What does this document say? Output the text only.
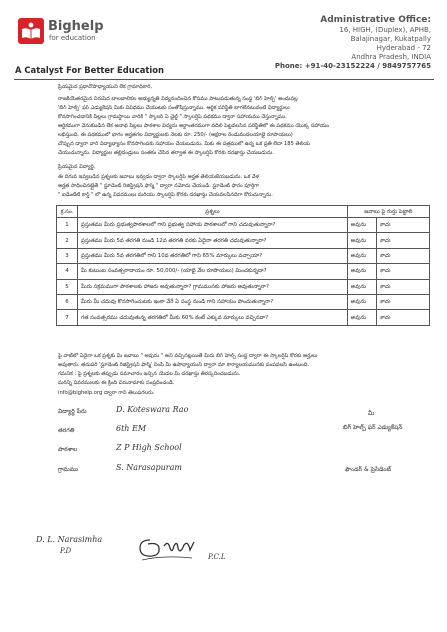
Bighelp
for education
A Catalyst For Better Education
Administrative Office:
16, HIGH, (Duplex), APHB,
Balajinagar, Kukatpally
Hyderabad - 72
Andhra Pradesh, INDIA
Phone: +91-40-23152224 / 9849757765
ప్రియమైన ప్రధానోపాధ్యాయుని లేక గ్రామాధికారి,
రాజకీయేతరమైన నిరుపేద బాలబాలికల అభ్యున్నతి విద్యనందించిన కోసము పాటుపడుతున్న సంస్థ 'బిగ్ హెల్ప్' అందువల్ల
'బిగ్ హెల్ప్' ఫర్ ఎడ్యుకేషన్ మీకు వివిధము చేయుటకు సంతోషిస్తున్నాము. ఆర్థిక పరిస్థితి బాగలేనటువంటి విద్యార్థులు
కొనసాగించడానికి పిల్లలు గ్రామస్థాయి వారికి " స్కాలర్ ఏ ఛైల్డ్ " స్కాలర్షిప్ పథకము ద్వారా సహాయము చేస్తున్నాము.
ఆర్థికముగా వెనుకబడిన లేక అనాథ పిల్లలు పాఠశాల విద్యను అర్ధాంతరముగా వదిలి పెట్టవలసిన పరిస్థితిలో ఈ పథకము యొక్క సహాయం
లభిస్తుంది. ఈ పథకములో భాగం అర్హతగల విద్యార్థులకు నెలకు రూ. 250/- (అక్షరాల రెండువందలయాభై రూపాయలు)
చొప్పున ద్వారా వారి విద్యాభ్యాసం కొనసాగింపకు సహాయం చేయబడును. మీకు ఈ పత్రములో ఉన్న ఒక ప్రతి లేదా 185 తెలియ
చేయుచున్నాను. విద్యార్థుల తల్లిదండ్రులు సంతకం చేసిన తర్వాత ఈ స్కాలర్షిప్ కొరకు దరఖాస్తు చేయబడును.
ప్రియమైన విద్యార్థి,
ఈ దిగువ ఇవ్వబడిన ప్రశ్నలకు జవాబు ఇవ్వడం ద్వారా స్కాలర్షిప్ అర్హత తెలియజేయబడును. ఒక వేళ
అర్హత సాధించినట్లైతే " స్టూడెంట్ రిజిస్ట్రేషన్ ఫార్మ్ " ద్వారా నమోదు చేయండి. స్టూడెంట్ ఫారం పూర్తిగా
" ఐడెంటిటీ కార్డ్ " లో ఉన్న వివరములు మరియు స్కాలర్షిప్ కొరకు దరఖాస్తు చేయవలసినదిగా కోరుచున్నాను.
క్ర.సం.	ప్రశ్నలు	జవాబు పై గుర్తు పెట్టాలి	
1	ప్రస్తుతము మీరు ప్రభుత్వపాఠశాలలో గాని ప్రభుత్వ సహాయ పాఠశాలలో గాని చదువుతున్నారా?	అవును	కాదు
2	ప్రస్తుతము మీరు 5వ తరగతి నుండి 12వ తరగతి వరకు ఏదైనా తరగతి చదువుతున్నారా?	అవును	కాదు
3	ప్రస్తుతము మీరు 5వ తరగతిలో గాని 10వ తరగతిలో గాని 65% మార్కులు వచ్చాయా?	అవును	కాదు
4	మీ కుటుంబ సంవత్సరాదాయం రూ. 50,000/- (యాభై వేల రూపాయలు) మించకున్నదా?	అవును	కాదు
5	మీరు సక్రమముగా పాఠశాలకు హాజరు అవుతున్నారా? గ్రామమునకు హాజరు అవుతున్నారా?	అవును	కాదు
6	మీరు మీ చదువు కొనసాగించుటకు ఇంకా వేరే ఏ సంస్థ నుండి గాని సహాయం పొందుతున్నారా?	అవును	కాదు
7	గత సంవత్సరము చదువుతున్న తరగతిలో మీకు 60% కంటే ఎక్కువ మార్కులు వచ్చినవా?	అవును	కాదు
పై వాటిలో ఏదైనా ఒక ప్రశ్నకు మీ జవాబు " అవును " అని వచ్చినట్లయితే మీరు బిగ్ హెల్ప్ సంస్థ ద్వారా ఈ స్కాలర్షిప్ కొరకు అర్హులు
అవుతారు. తదుపరి 'స్టూడెంట్ రిజిస్ట్రేషన్ ఫార్మ్' నింపి మీ ఉపాధ్యాయుని ద్వారా మా కార్యాలయమునకు పంపవలసి ఉంటుంది.
గమనిక : పై ప్రశ్నలకు తప్పుడు సమాచారం ఇచ్చిన యెడల మీ దరఖాస్తు తిరస్కరించబడును.
మరిన్ని వివరములకు ఈ క్రింది చిరునామాకు సంప్రదించండి.
info@bighelp.org ద్వారా గాని తెలుపగలరు.
విద్యార్థి పేరు	D. Koteswara Rao
తరగతి	6th EM
పాఠశాల	Z P High School
గ్రామము	S. Narasapuram
మీ
బిగ్ హెల్ప్ ఫర్ ఎడ్యుకేషన్
ఫౌండర్ & ప్రెసిడెంట్
D. L. Narasimha
P.D
P.C.L
